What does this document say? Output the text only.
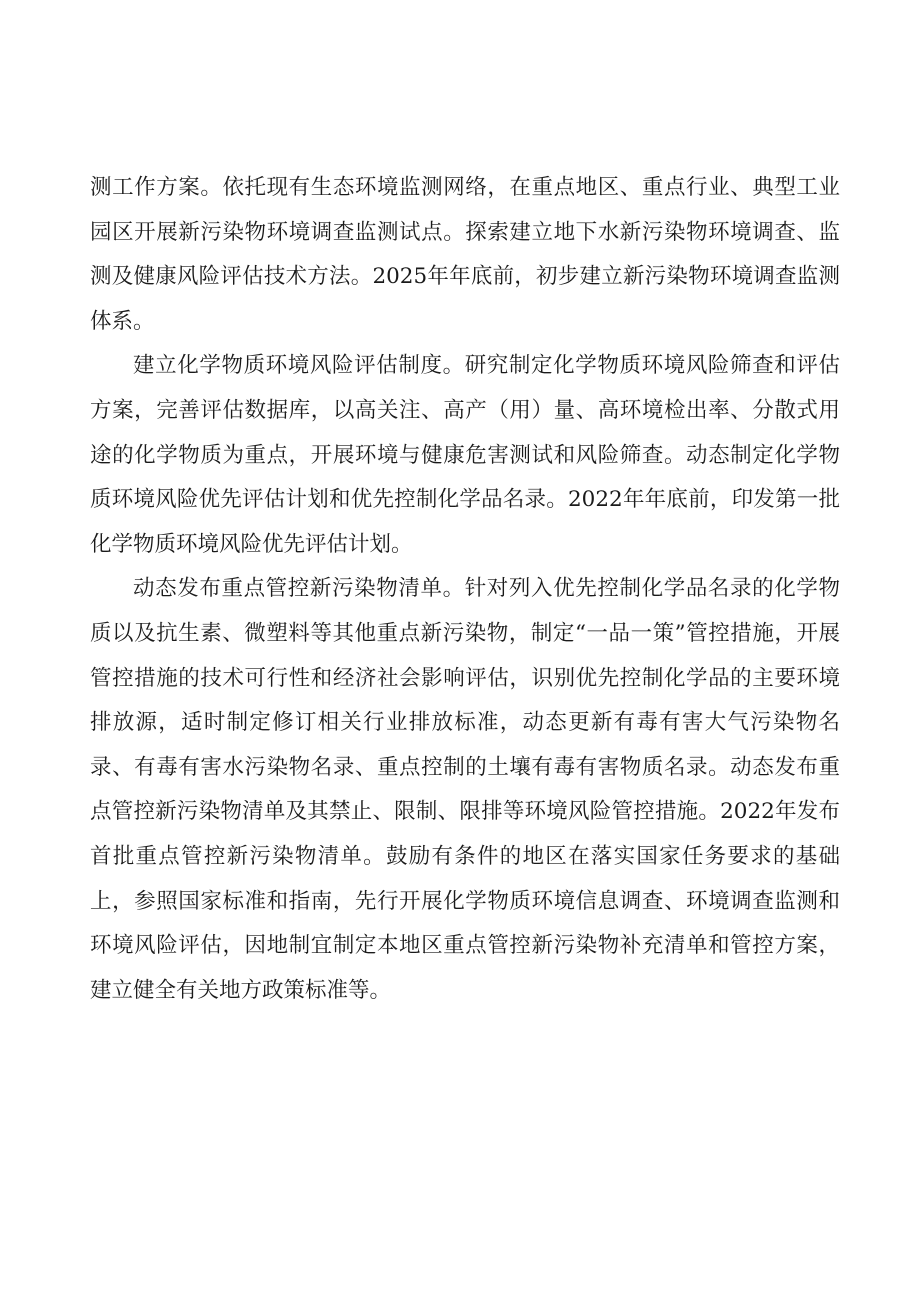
测工作方案。依托现有生态环境监测网络，在重点地区、重点行业、典型工业园区开展新污染物环境调查监测试点。探索建立地下水新污染物环境调查、监测及健康风险评估技术方法。2025年年底前，初步建立新污染物环境调查监测体系。

建立化学物质环境风险评估制度。研究制定化学物质环境风险筛查和评估方案，完善评估数据库，以高关注、高产（用）量、高环境检出率、分散式用途的化学物质为重点，开展环境与健康危害测试和风险筛查。动态制定化学物质环境风险优先评估计划和优先控制化学品名录。2022年年底前，印发第一批化学物质环境风险优先评估计划。

动态发布重点管控新污染物清单。针对列入优先控制化学品名录的化学物质以及抗生素、微塑料等其他重点新污染物，制定“一品一策”管控措施，开展管控措施的技术可行性和经济社会影响评估，识别优先控制化学品的主要环境排放源，适时制定修订相关行业排放标准，动态更新有毒有害大气污染物名录、有毒有害水污染物名录、重点控制的土壤有毒有害物质名录。动态发布重点管控新污染物清单及其禁止、限制、限排等环境风险管控措施。2022年发布首批重点管控新污染物清单。鼓励有条件的地区在落实国家任务要求的基础上，参照国家标准和指南，先行开展化学物质环境信息调查、环境调查监测和环境风险评估，因地制宜制定本地区重点管控新污染物补充清单和管控方案，建立健全有关地方政策标准等。
